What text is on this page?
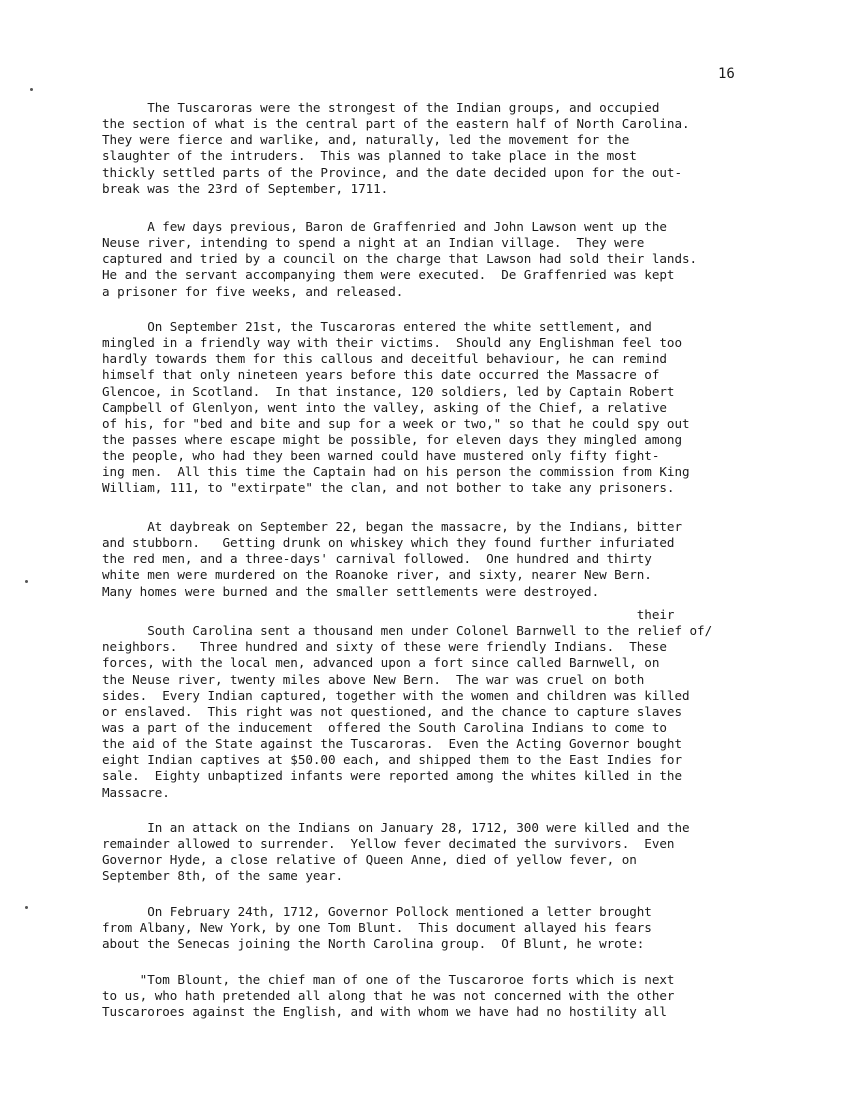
16
The Tuscaroras were the strongest of the Indian groups, and occupied
the section of what is the central part of the eastern half of North Carolina.
They were fierce and warlike, and, naturally, led the movement for the
slaughter of the intruders.  This was planned to take place in the most
thickly settled parts of the Province, and the date decided upon for the out-
break was the 23rd of September, 1711.
A few days previous, Baron de Graffenried and John Lawson went up the
Neuse river, intending to spend a night at an Indian village.  They were
captured and tried by a council on the charge that Lawson had sold their lands.
He and the servant accompanying them were executed.  De Graffenried was kept
a prisoner for five weeks, and released.
On September 21st, the Tuscaroras entered the white settlement, and
mingled in a friendly way with their victims.  Should any Englishman feel too
hardly towards them for this callous and deceitful behaviour, he can remind
himself that only nineteen years before this date occurred the Massacre of
Glencoe, in Scotland.  In that instance, 120 soldiers, led by Captain Robert
Campbell of Glenlyon, went into the valley, asking of the Chief, a relative
of his, for "bed and bite and sup for a week or two," so that he could spy out
the passes where escape might be possible, for eleven days they mingled among
the people, who had they been warned could have mustered only fifty fight-
ing men.  All this time the Captain had on his person the commission from King
William, 111, to "extirpate" the clan, and not bother to take any prisoners.
At daybreak on September 22, began the massacre, by the Indians, bitter
and stubborn.   Getting drunk on whiskey which they found further infuriated
the red men, and a three-days' carnival followed.  One hundred and thirty
white men were murdered on the Roanoke river, and sixty, nearer New Bern.
Many homes were burned and the smaller settlements were destroyed.
their
South Carolina sent a thousand men under Colonel Barnwell to the relief of/
neighbors.   Three hundred and sixty of these were friendly Indians.  These
forces, with the local men, advanced upon a fort since called Barnwell, on
the Neuse river, twenty miles above New Bern.  The war was cruel on both
sides.  Every Indian captured, together with the women and children was killed
or enslaved.  This right was not questioned, and the chance to capture slaves
was a part of the inducement  offered the South Carolina Indians to come to
the aid of the State against the Tuscaroras.  Even the Acting Governor bought
eight Indian captives at $50.00 each, and shipped them to the East Indies for
sale.  Eighty unbaptized infants were reported among the whites killed in the
Massacre.
In an attack on the Indians on January 28, 1712, 300 were killed and the
remainder allowed to surrender.  Yellow fever decimated the survivors.  Even
Governor Hyde, a close relative of Queen Anne, died of yellow fever, on
September 8th, of the same year.
On February 24th, 1712, Governor Pollock mentioned a letter brought
from Albany, New York, by one Tom Blunt.  This document allayed his fears
about the Senecas joining the North Carolina group.  Of Blunt, he wrote:
"Tom Blount, the chief man of one of the Tuscaroroe forts which is next
to us, who hath pretended all along that he was not concerned with the other
Tuscaroroes against the English, and with whom we have had no hostility all
